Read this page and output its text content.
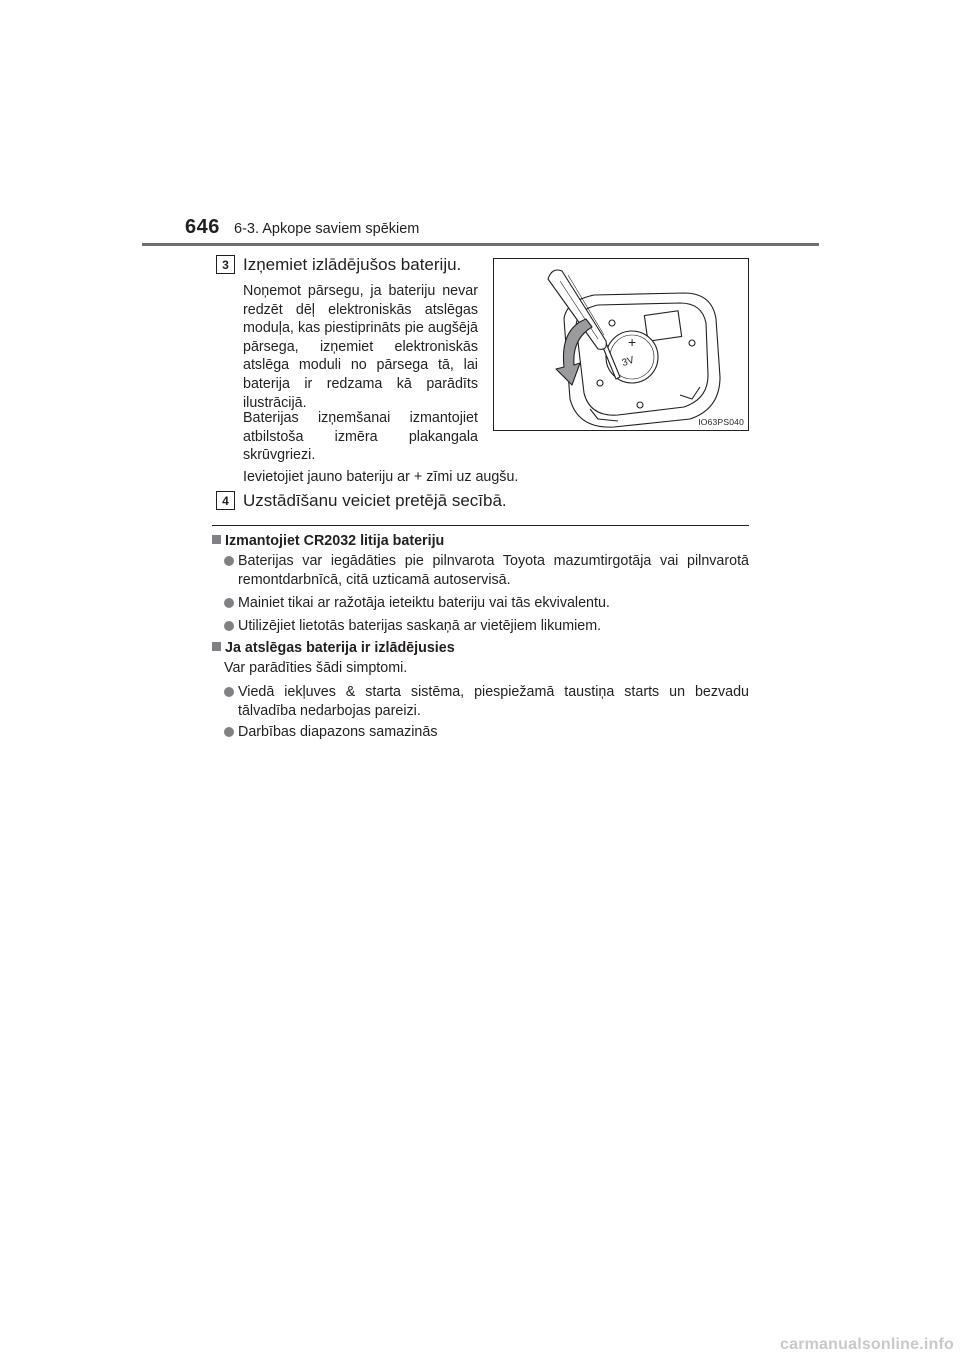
646 6-3. Apkope saviem spēkiem
3 Izņemiet izlādējušos bateriju.
Noņemot pārsegu, ja bateriju nevar redzēt dēļ elektroniskās atslēgas moduļa, kas piestiprināts pie augšējā pārsega, izņemiet elektroniskās atslēga moduli no pārsega tā, lai baterija ir redzama kā parādīts ilustrācijā.
Baterijas izņemšanai izmantojiet atbilstoša izmēra plakangala skrūvgriezi.
Ievietojiet jauno bateriju ar + zīmi uz augšu.
+
3V
IO63PS040
4 Uzstādīšanu veiciet pretējā secībā.
Izmantojiet CR2032 litija bateriju
Baterijas var iegādāties pie pilnvarota Toyota mazumtirgotāja vai pilnvarotā remontdarbnīcā, citā uzticamā autoservisā.
Mainiet tikai ar ražotāja ieteiktu bateriju vai tās ekvivalentu.
Utilizējiet lietotās baterijas saskaņā ar vietējiem likumiem.
Ja atslēgas baterija ir izlādējusies
Var parādīties šādi simptomi.
Viedā iekļuves & starta sistēma, piespiežamā taustiņa starts un bezvadu tālvadība nedarbojas pareizi.
Darbības diapazons samazinās
carmanualsonline.info
